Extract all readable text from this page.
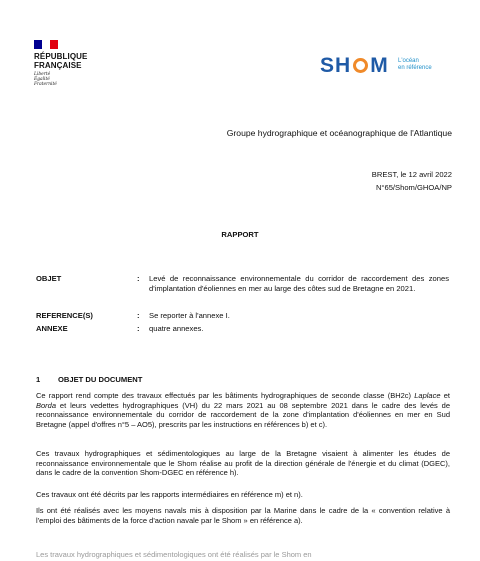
RÉPUBLIQUE
FRANÇAISE
Liberté
Égalité
Fraternité
SH M L'océan
en référence
Groupe hydrographique et océanographique de l'Atlantique
BREST, le 12 avril 2022
N°65/Shom/GHOA/NP
RAPPORT
OBJET	: Levé de reconnaissance environnementale du corridor de raccordement des zones d'implantation d'éoliennes en mer au large des côtes sud de Bretagne en 2021.
REFERENCE(S)	: Se reporter à l'annexe I.
ANNEXE	: quatre annexes.
1 OBJET DU DOCUMENT
Ce rapport rend compte des travaux effectués par les bâtiments hydrographiques de seconde classe (BH2c) Laplace et Borda et leurs vedettes hydrographiques (VH) du 22 mars 2021 au 08 septembre 2021 dans le cadre des levés de reconnaissance environnementale du corridor de raccordement de la zone d'implantation d'éoliennes en mer en Sud Bretagne (appel d'offres n°5 – AO5), prescrits par les instructions en références b) et c).
Ces travaux hydrographiques et sédimentologiques au large de la Bretagne visaient à alimenter les études de reconnaissance environnementale que le Shom réalise au profit de la direction générale de l'énergie et du climat (DGEC), dans le cadre de la convention Shom-DGEC en référence h).
Ces travaux ont été décrits par les rapports intermédiaires en référence m) et n).
Ils ont été réalisés avec les moyens navals mis à disposition par la Marine dans le cadre de la « convention relative à l'emploi des bâtiments de la force d'action navale par le Shom » en référence a).
Les travaux hydrographiques et sédimentologiques ont été réalisés par le Shom en
